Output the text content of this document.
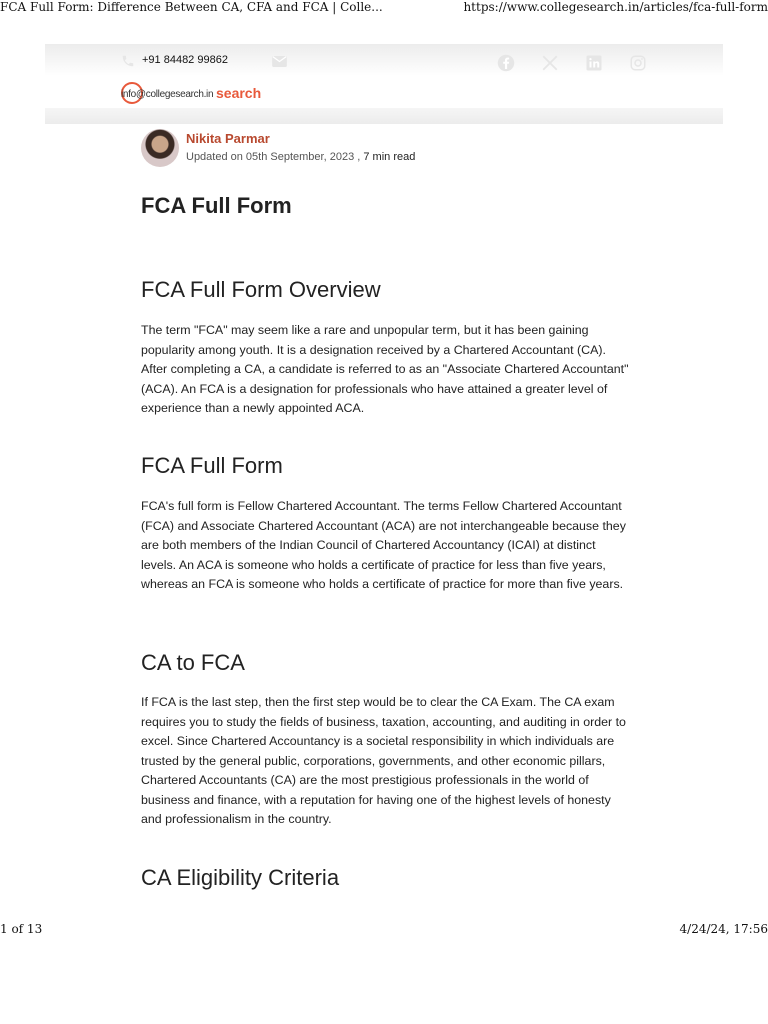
FCA Full Form: Difference Between CA, CFA and FCA | Colle...	https://www.collegesearch.in/articles/fca-full-form
+91 84482 99862
info@collegesearch.in search
Nikita Parmar
Updated on 05th September, 2023 , 7 min read
FCA Full Form
FCA Full Form Overview

The term "FCA" may seem like a rare and unpopular term, but it has been gaining popularity among youth. It is a designation received by a Chartered Accountant (CA). After completing a CA, a candidate is referred to as an "Associate Chartered Accountant" (ACA). An FCA is a designation for professionals who have attained a greater level of experience than a newly appointed ACA.

FCA Full Form

FCA's full form is Fellow Chartered Accountant. The terms Fellow Chartered Accountant (FCA) and Associate Chartered Accountant (ACA) are not interchangeable because they are both members of the Indian Council of Chartered Accountancy (ICAI) at distinct levels. An ACA is someone who holds a certificate of practice for less than five years, whereas an FCA is someone who holds a certificate of practice for more than five years.

CA to FCA

If FCA is the last step, then the first step would be to clear the CA Exam. The CA exam requires you to study the fields of business, taxation, accounting, and auditing in order to excel. Since Chartered Accountancy is a societal responsibility in which individuals are trusted by the general public, corporations, governments, and other economic pillars, Chartered Accountants (CA) are the most prestigious professionals in the world of business and finance, with a reputation for having one of the highest levels of honesty and professionalism in the country.

CA Eligibility Criteria
1 of 13	4/24/24, 17:56
